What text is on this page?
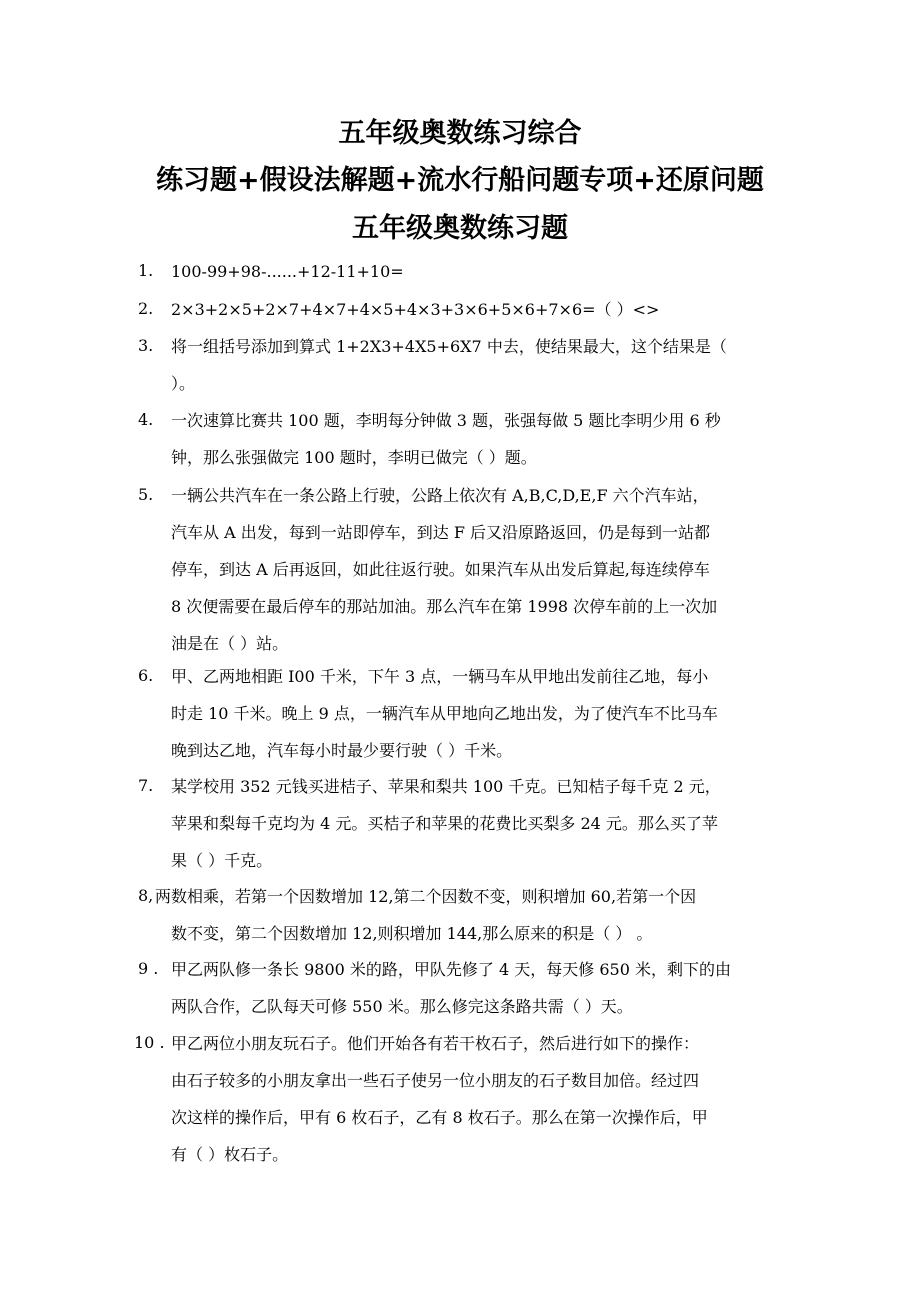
五年级奥数练习综合
练习题+假设法解题+流水行船问题专项+还原问题
五年级奥数练习题
1. 100-99+98-......+12-11+10=
2. 2×3+2×5+2×7+4×7+4×5+4×3+3×6+5×6+7×6=（ ）<>
3. 将一组括号添加到算式 1+2X3+4X5+6X7 中去，使结果最大，这个结果是（
）。
4. 一次速算比赛共 100 题，李明每分钟做 3 题，张强每做 5 题比李明少用 6 秒
钟，那么张强做完 100 题时，李明已做完（ ）题。
5. 一辆公共汽车在一条公路上行驶，公路上依次有 A,B,C,D,E,F 六个汽车站，
汽车从 A 出发，每到一站即停车，到达 F 后又沿原路返回，仍是每到一站都
停车，到达 A 后再返回，如此往返行驶。如果汽车从出发后算起,每连续停车
8 次便需要在最后停车的那站加油。那么汽车在第 1998 次停车前的上一次加
油是在（ ）站。
6. 甲、乙两地相距 I00 千米，下午 3 点，一辆马车从甲地出发前往乙地，每小
时走 10 千米。晚上 9 点，一辆汽车从甲地向乙地出发，为了使汽车不比马车
晚到达乙地，汽车每小时最少要行驶（ ）千米。
7. 某学校用 352 元钱买进桔子、苹果和梨共 100 千克。已知桔子每千克 2 元，
苹果和梨每千克均为 4 元。买桔子和苹果的花费比买梨多 24 元。那么买了苹
果（ ）千克。
8, 两数相乘，若第一个因数增加 12,第二个因数不变，则积增加 60,若第一个因
数不变，第二个因数增加 12,则积增加 144,那么原来的积是（ ） 。
9 . 甲乙两队修一条长 9800 米的路，甲队先修了 4 天，每天修 650 米，剩下的由
两队合作，乙队每天可修 550 米。那么修完这条路共需（ ）天。
10 . 甲乙两位小朋友玩石子。他们开始各有若干枚石子，然后进行如下的操作：
由石子较多的小朋友拿出一些石子使另一位小朋友的石子数目加倍。经过四
次这样的操作后，甲有 6 枚石子，乙有 8 枚石子。那么在第一次操作后，甲
有（ ）枚石子。
